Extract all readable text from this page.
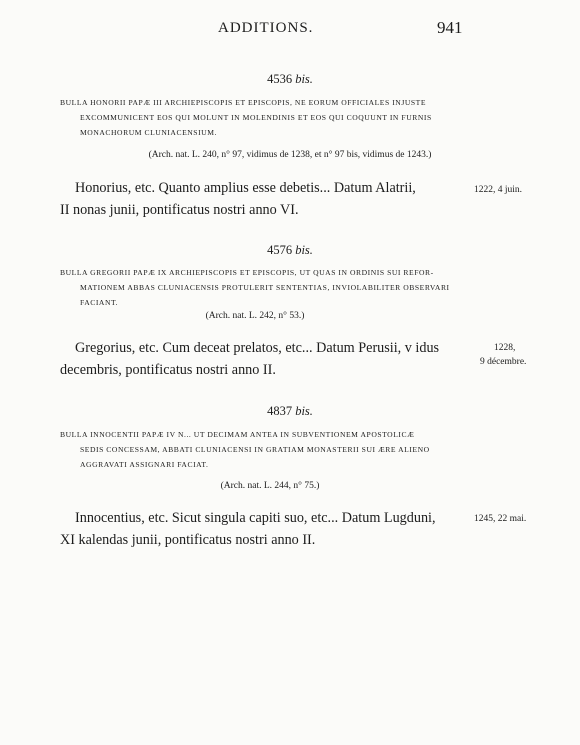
ADDITIONS.	941
4536 bis.
BULLA HONORII PAPÆ III ARCHIEPISCOPIS ET EPISCOPIS, NE EORUM OFFICIALES INJUSTE
EXCOMMUNICENT EOS QUI MOLUNT IN MOLENDINIS ET EOS QUI COQUUNT IN FURNIS
MONACHORUM CLUNIACENSIUM.
(Arch. nat. L. 240, n° 97, vidimus de 1238, et n° 97 bis, vidimus de 1243.)
Honorius, etc. Quanto amplius esse debetis... Datum Alatrii,
II nonas junii, pontificatus nostri anno VI.
1222, 4 juin.
4576 bis.
BULLA GREGORII PAPÆ IX ARCHIEPISCOPIS ET EPISCOPIS, UT QUAS IN ORDINIS SUI REFOR-
MATIONEM ABBAS CLUNIACENSIS PROTULERIT SENTENTIAS, INVIOLABILITER OBSERVARI
FACIANT.
(Arch. nat. L. 242, n° 53.)
Gregorius, etc. Cum deceat prelatos, etc... Datum Perusii, v idus
decembris, pontificatus nostri anno II.
1228,
9 décembre.
4837 bis.
BULLA INNOCENTII PAPÆ IV N... UT DECIMAM ANTEA IN SUBVENTIONEM APOSTOLICÆ
SEDIS CONCESSAM, ABBATI CLUNIACENSI IN GRATIAM MONASTERII SUI ÆRE ALIENO
AGGRAVATI ASSIGNARI FACIAT.
(Arch. nat. L. 244, n° 75.)
Innocentius, etc. Sicut singula capiti suo, etc... Datum Lugduni,
XI kalendas junii, pontificatus nostri anno II.
1245, 22 mai.
